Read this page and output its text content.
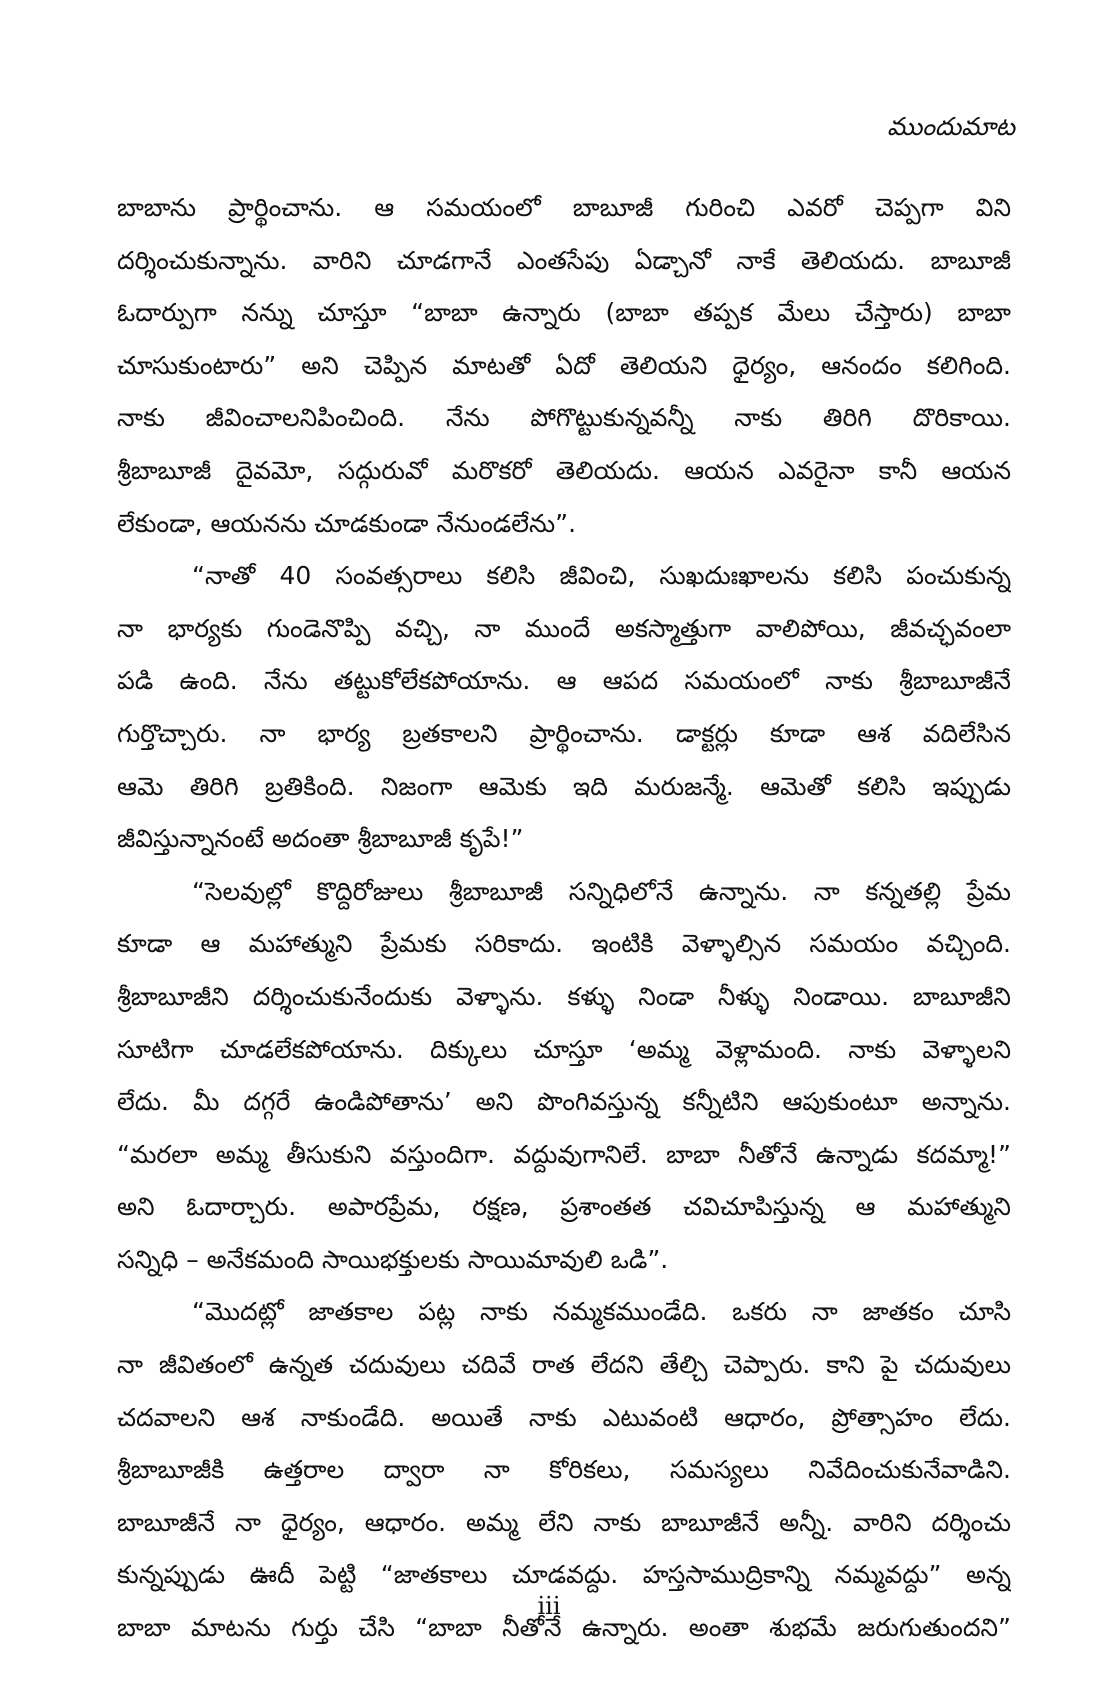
ముందుమాట
బాబాను ప్రార్థించాను. ఆ సమయంలో బాబూజీ గురించి ఎవరో చెప్పగా విని
దర్శించుకున్నాను. వారిని చూడగానే ఎంతసేపు ఏడ్చానో నాకే తెలియదు. బాబూజీ
ఓదార్పుగా నన్ను చూస్తూ “బాబా ఉన్నారు (బాబా తప్పక మేలు చేస్తారు) బాబా
చూసుకుంటారు” అని చెప్పిన మాటతో ఏదో తెలియని ధైర్యం, ఆనందం కలిగింది.
నాకు జీవించాలనిపించింది. నేను పోగొట్టుకున్నవన్నీ నాకు తిరిగి దొరికాయి.
శ్రీబాబూజీ దైవమో, సద్గురువో మరొకరో తెలియదు. ఆయన ఎవరైనా కానీ ఆయన
లేకుండా, ఆయనను చూడకుండా నేనుండలేను”.
“నాతో 40 సంవత్సరాలు కలిసి జీవించి, సుఖదుఃఖాలను కలిసి పంచుకున్న
నా భార్యకు గుండెనొప్పి వచ్చి, నా ముందే అకస్మాత్తుగా వాలిపోయి, జీవచ్ఛవంలా
పడి ఉంది. నేను తట్టుకోలేకపోయాను. ఆ ఆపద సమయంలో నాకు శ్రీబాబూజీనే
గుర్తొచ్చారు. నా భార్య బ్రతకాలని ప్రార్థించాను. డాక్టర్లు కూడా ఆశ వదిలేసిన
ఆమె తిరిగి బ్రతికింది. నిజంగా ఆమెకు ఇది మరుజన్మే. ఆమెతో కలిసి ఇప్పుడు
జీవిస్తున్నానంటే అదంతా శ్రీబాబూజీ కృపే!”
“సెలవుల్లో కొద్దిరోజులు శ్రీబాబూజీ సన్నిధిలోనే ఉన్నాను. నా కన్నతల్లి ప్రేమ
కూడా ఆ మహాత్ముని ప్రేమకు సరికాదు. ఇంటికి వెళ్ళాల్సిన సమయం వచ్చింది.
శ్రీబాబూజీని దర్శించుకునేందుకు వెళ్ళాను. కళ్ళు నిండా నీళ్ళు నిండాయి. బాబూజీని
సూటిగా చూడలేకపోయాను. దిక్కులు చూస్తూ ‘అమ్మ వెళ్లామంది. నాకు వెళ్ళాలని
లేదు. మీ దగ్గరే ఉండిపోతాను’ అని పొంగివస్తున్న కన్నీటిని ఆపుకుంటూ అన్నాను.
“మరలా అమ్మ తీసుకుని వస్తుందిగా. వద్దువుగానిలే. బాబా నీతోనే ఉన్నాడు కదమ్మా!”
అని ఓదార్చారు. అపారప్రేమ, రక్షణ, ప్రశాంతత చవిచూపిస్తున్న ఆ మహాత్ముని
సన్నిధి – అనేకమంది సాయిభక్తులకు సాయిమావులి ఒడి”.
“మొదట్లో జాతకాల పట్ల నాకు నమ్మకముండేది. ఒకరు నా జాతకం చూసి
నా జీవితంలో ఉన్నత చదువులు చదివే రాత లేదని తేల్చి చెప్పారు. కాని పై చదువులు
చదవాలని ఆశ నాకుండేది. అయితే నాకు ఎటువంటి ఆధారం, ప్రోత్సాహం లేదు.
శ్రీబాబూజీకి ఉత్తరాల ద్వారా నా కోరికలు, సమస్యలు నివేదించుకునేవాడిని.
బాబూజీనే నా ధైర్యం, ఆధారం. అమ్మ లేని నాకు బాబూజీనే అన్నీ. వారిని దర్శించు
కున్నప్పుడు ఊదీ పెట్టి “జాతకాలు చూడవద్దు. హస్తసాముద్రికాన్ని నమ్మవద్దు” అన్న
బాబా మాటను గుర్తు చేసి “బాబా నీతోనే ఉన్నారు. అంతా శుభమే జరుగుతుందని”
iii
